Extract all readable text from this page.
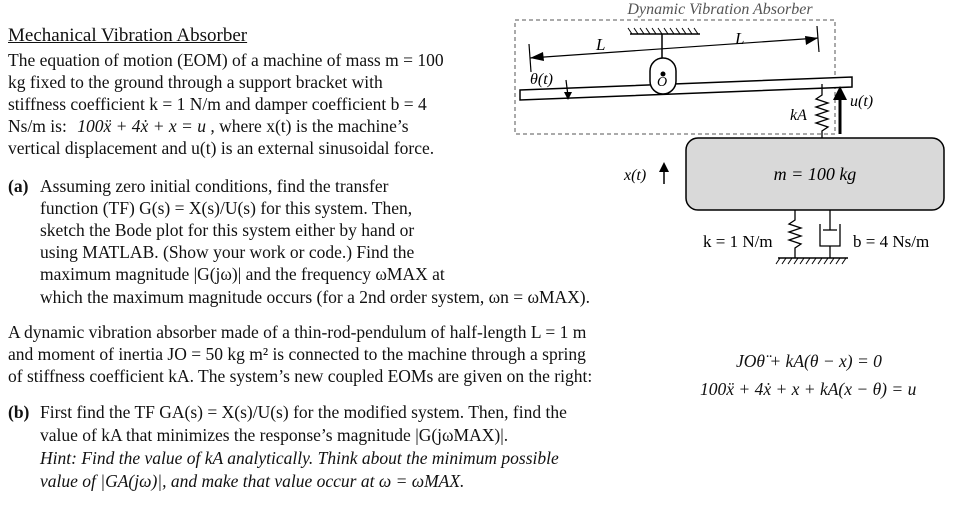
Mechanical Vibration Absorber
The equation of motion (EOM) of a machine of mass m = 100
kg fixed to the ground through a support bracket with
stiffness coefficient k = 1 N/m and damper coefficient b = 4
Ns/m is: 100ẍ + 4ẋ + x = u , where x(t) is the machine’s
vertical displacement and u(t) is an external sinusoidal force.
(a) Assuming zero initial conditions, find the transfer
function (TF) G(s) = X(s)/U(s) for this system. Then,
sketch the Bode plot for this system either by hand or
using MATLAB. (Show your work or code.) Find the
maximum magnitude |G(jω)| and the frequency ωMAX at
which the maximum magnitude occurs (for a 2nd order system, ωn = ωMAX).
A dynamic vibration absorber made of a thin-rod-pendulum of half-length L = 1 m
and moment of inertia JO = 50 kg m² is connected to the machine through a spring
of stiffness coefficient kA. The system’s new coupled EOMs are given on the right:
JOθ̈ + kA(θ − x) = 0
100ẍ + 4ẋ + x + kA(x − θ) = u
(b) First find the TF GA(s) = X(s)/U(s) for the modified system. Then, find the
value of kA that minimizes the response’s magnitude |G(jωMAX)|.
Hint: Find the value of kA analytically. Think about the minimum possible
value of |GA(jω)|, and make that value occur at ω = ωMAX.
Dynamic Vibration Absorber
L	L
O
θ(t)
kA
u(t)
x(t)	m = 100 kg
k = 1 N/m	b = 4 Ns/m
